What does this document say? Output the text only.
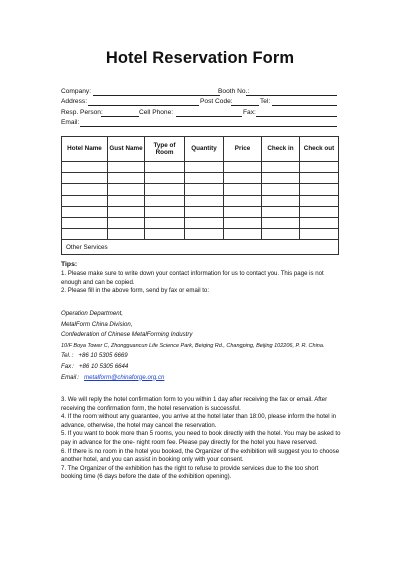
Hotel Reservation Form
Company:	Booth No.:
Address:	Post Code:	Tel:
Resp. Person:	Cell Phone:	Fax:
Email:
Hotel Name	Gust Name	Type of Room	Quantity	Price	Check in	Check out

Other Services						
Tips:

1. Please make sure to write down your contact information for us to contact you. This page is not enough and can be copied.

2. Please fill in the above form, send by fax or email to:

Operation Department,

MetalForm China Division,

Confederation of Chinese MetalForming Industry

10/F Boya Tower C, Zhongguancun Life Science Park, Beiqing Rd., Changping, Beijing 102206, P. R. China.

Tel.： +86 10 5305 6669

Fax： +86 10 5305 6644

Email： metalform@chinaforge.org.cn

3. We will reply the hotel confirmation form to you within 1 day after receiving the fax or email. After receiving the confirmation form, the hotel reservation is successful.

4. If the room without any guarantee, you arrive at the hotel later than 18:00, please inform the hotel in advance, otherwise, the hotel may cancel the reservation.

5. If you want to book more than 5 rooms, you need to book directly with the hotel. You may be asked to pay in advance for the one- night room fee. Please pay directly for the hotel you have reserved.

6. If there is no room in the hotel you booked, the Organizer of the exhibition will suggest you to choose another hotel, and you can assist in booking only with your consent.

7. The Organizer of the exhibition has the right to refuse to provide services due to the too short booking time (6 days before the date of the exhibition opening).
